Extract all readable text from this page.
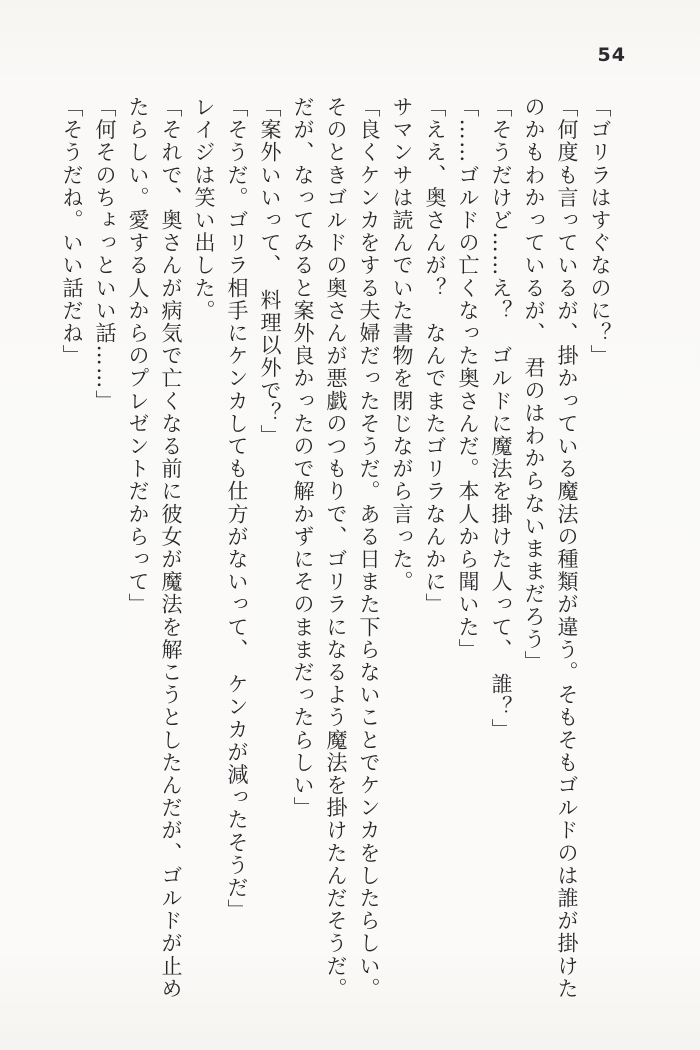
54

「ゴリラはすぐなのに？」

「何度も言っているが、掛かっている魔法の種類が違う。そもそもゴルドのは誰が掛けた

のかもわかっているが、　君のはわからないままだろう」

「そうだけど……え？　ゴルドに魔法を掛けた人って、　誰？」

「……ゴルドの亡くなった奥さんだ。本人から聞いた」

「ええ、奥さんが？　なんでまたゴリラなんかに」

サマンサは読んでいた書物を閉じながら言った。

「良くケンカをする夫婦だったそうだ。ある日また下らないことでケンカをしたらしい。

そのときゴルドの奥さんが悪戯のつもりで、ゴリラになるよう魔法を掛けたんだそうだ。

だが、なってみると案外良かったので解かずにそのままだったらしい」

「案外いいって、　料理以外で？」

「そうだ。ゴリラ相手にケンカしても仕方がないって、　ケンカが減ったそうだ」

レイジは笑い出した。

「それで、奥さんが病気で亡くなる前に彼女が魔法を解こうとしたんだが、ゴルドが止め

たらしい。愛する人からのプレゼントだからって」

「何そのちょっといい話……」

「そうだね。いい話だね」
